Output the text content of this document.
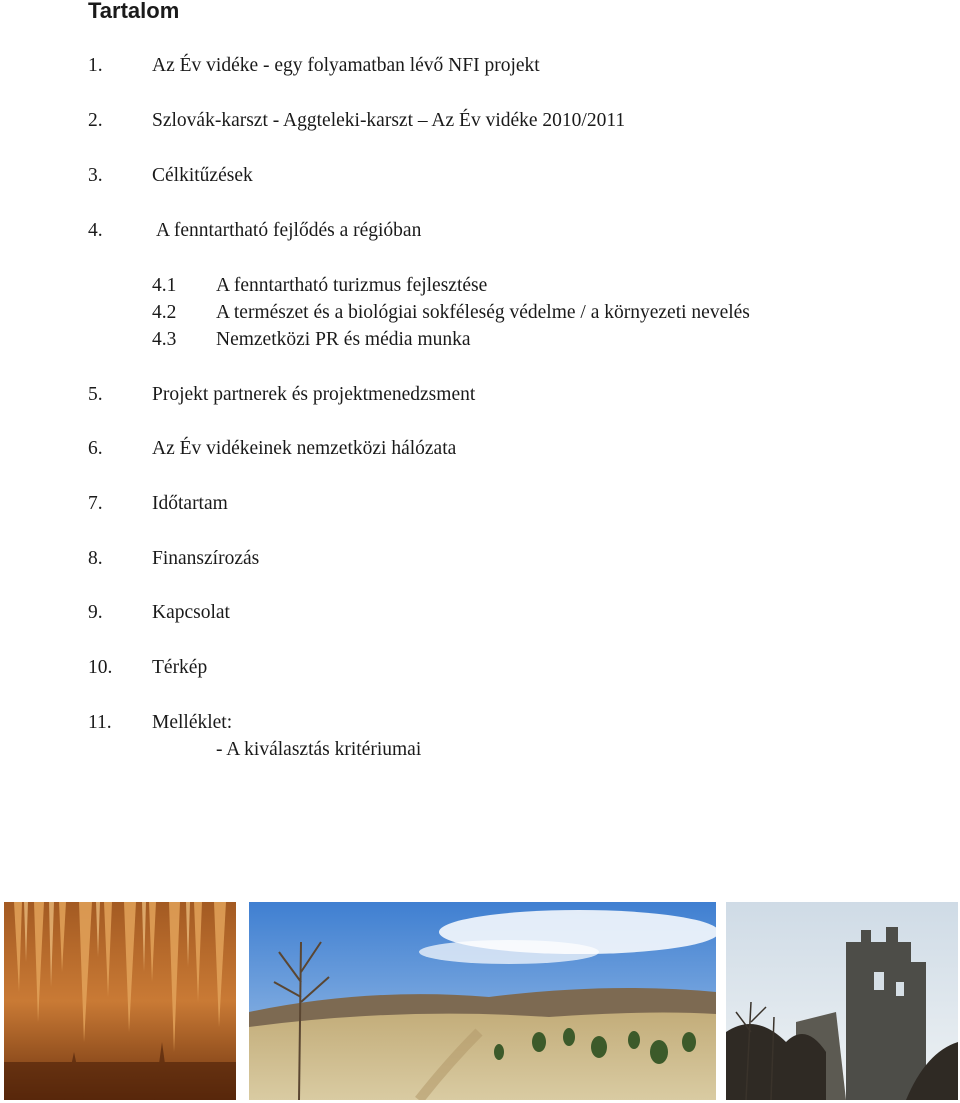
Tartalom
1.	Az Év vidéke - egy folyamatban lévő NFI projekt
2.	Szlovák-karszt - Aggteleki-karszt – Az Év vidéke 2010/2011
3.	Célkitűzések
4.	A fenntartható fejlődés a régióban
4.1 A fenntartható turizmus fejlesztése
4.2 A természet és a biológiai sokféleség védelme / a környezeti nevelés
4.3 Nemzetközi PR és média munka
5.	Projekt partnerek és projektmenedzsment
6.	Az Év vidékeinek nemzetközi hálózata
7.	Időtartam
8.	Finanszírozás
9.	Kapcsolat
10. Térkép
11. Melléklet:
- A kiválasztás kritériumai
